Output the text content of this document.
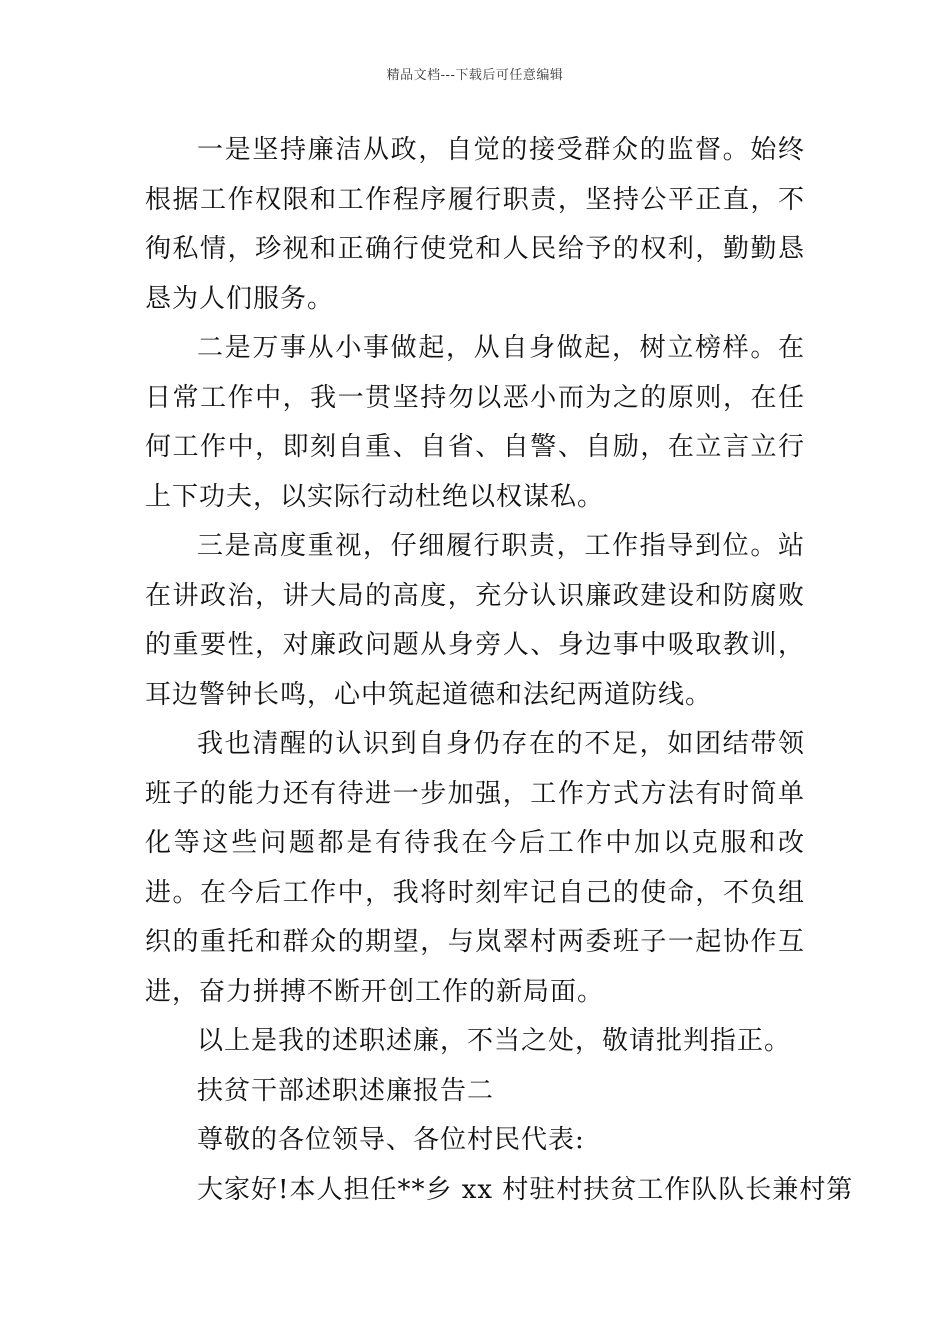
精品文档---下载后可任意编辑

一是坚持廉洁从政，自觉的接受群众的监督。始终根据工作权限和工作程序履行职责，坚持公平正直，不徇私情，珍视和正确行使党和人民给予的权利，勤勤恳恳为人们服务。

二是万事从小事做起，从自身做起，树立榜样。在日常工作中，我一贯坚持勿以恶小而为之的原则，在任何工作中，即刻自重、自省、自警、自励，在立言立行上下功夫，以实际行动杜绝以权谋私。

三是高度重视，仔细履行职责，工作指导到位。站在讲政治，讲大局的高度，充分认识廉政建设和防腐败的重要性，对廉政问题从身旁人、身边事中吸取教训，耳边警钟长鸣，心中筑起道德和法纪两道防线。

我也清醒的认识到自身仍存在的不足，如团结带领班子的能力还有待进一步加强，工作方式方法有时简单化等这些问题都是有待我在今后工作中加以克服和改进。在今后工作中，我将时刻牢记自己的使命，不负组织的重托和群众的期望，与岚翠村两委班子一起协作互进，奋力拼搏不断开创工作的新局面。

以上是我的述职述廉，不当之处，敬请批判指正。

扶贫干部述职述廉报告二

尊敬的各位领导、各位村民代表:

大家好!本人担任**乡 xx 村驻村扶贫工作队队长兼村第
